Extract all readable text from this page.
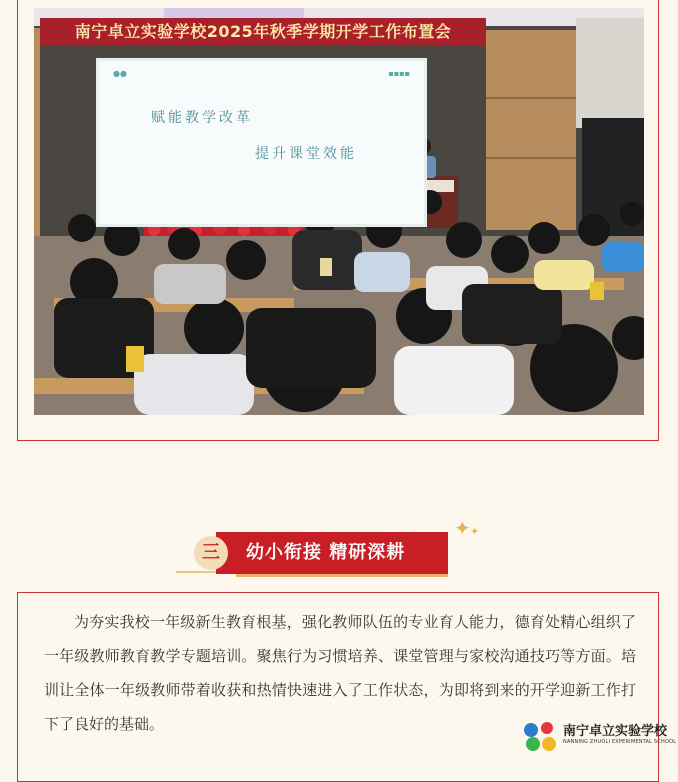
南宁卓立实验学校2025年秋季学期开学工作布置会
●●	▪▪▪▪
赋能教学改革
提升课堂效能
三	幼小衔接 精研深耕
✦ ✦

为夯实我校一年级新生教育根基，强化教师队伍的专业育人能力，德育处精心组织了一年级教师教育教学专题培训。聚焦行为习惯培养、课堂管理与家校沟通技巧等方面。培训让全体一年级教师带着收获和热情快速进入了工作状态，为即将到来的开学迎新工作打下了良好的基础。	南宁卓立实验学校
NANNING ZHUOLI EXPERIMENTAL SCHOOL
